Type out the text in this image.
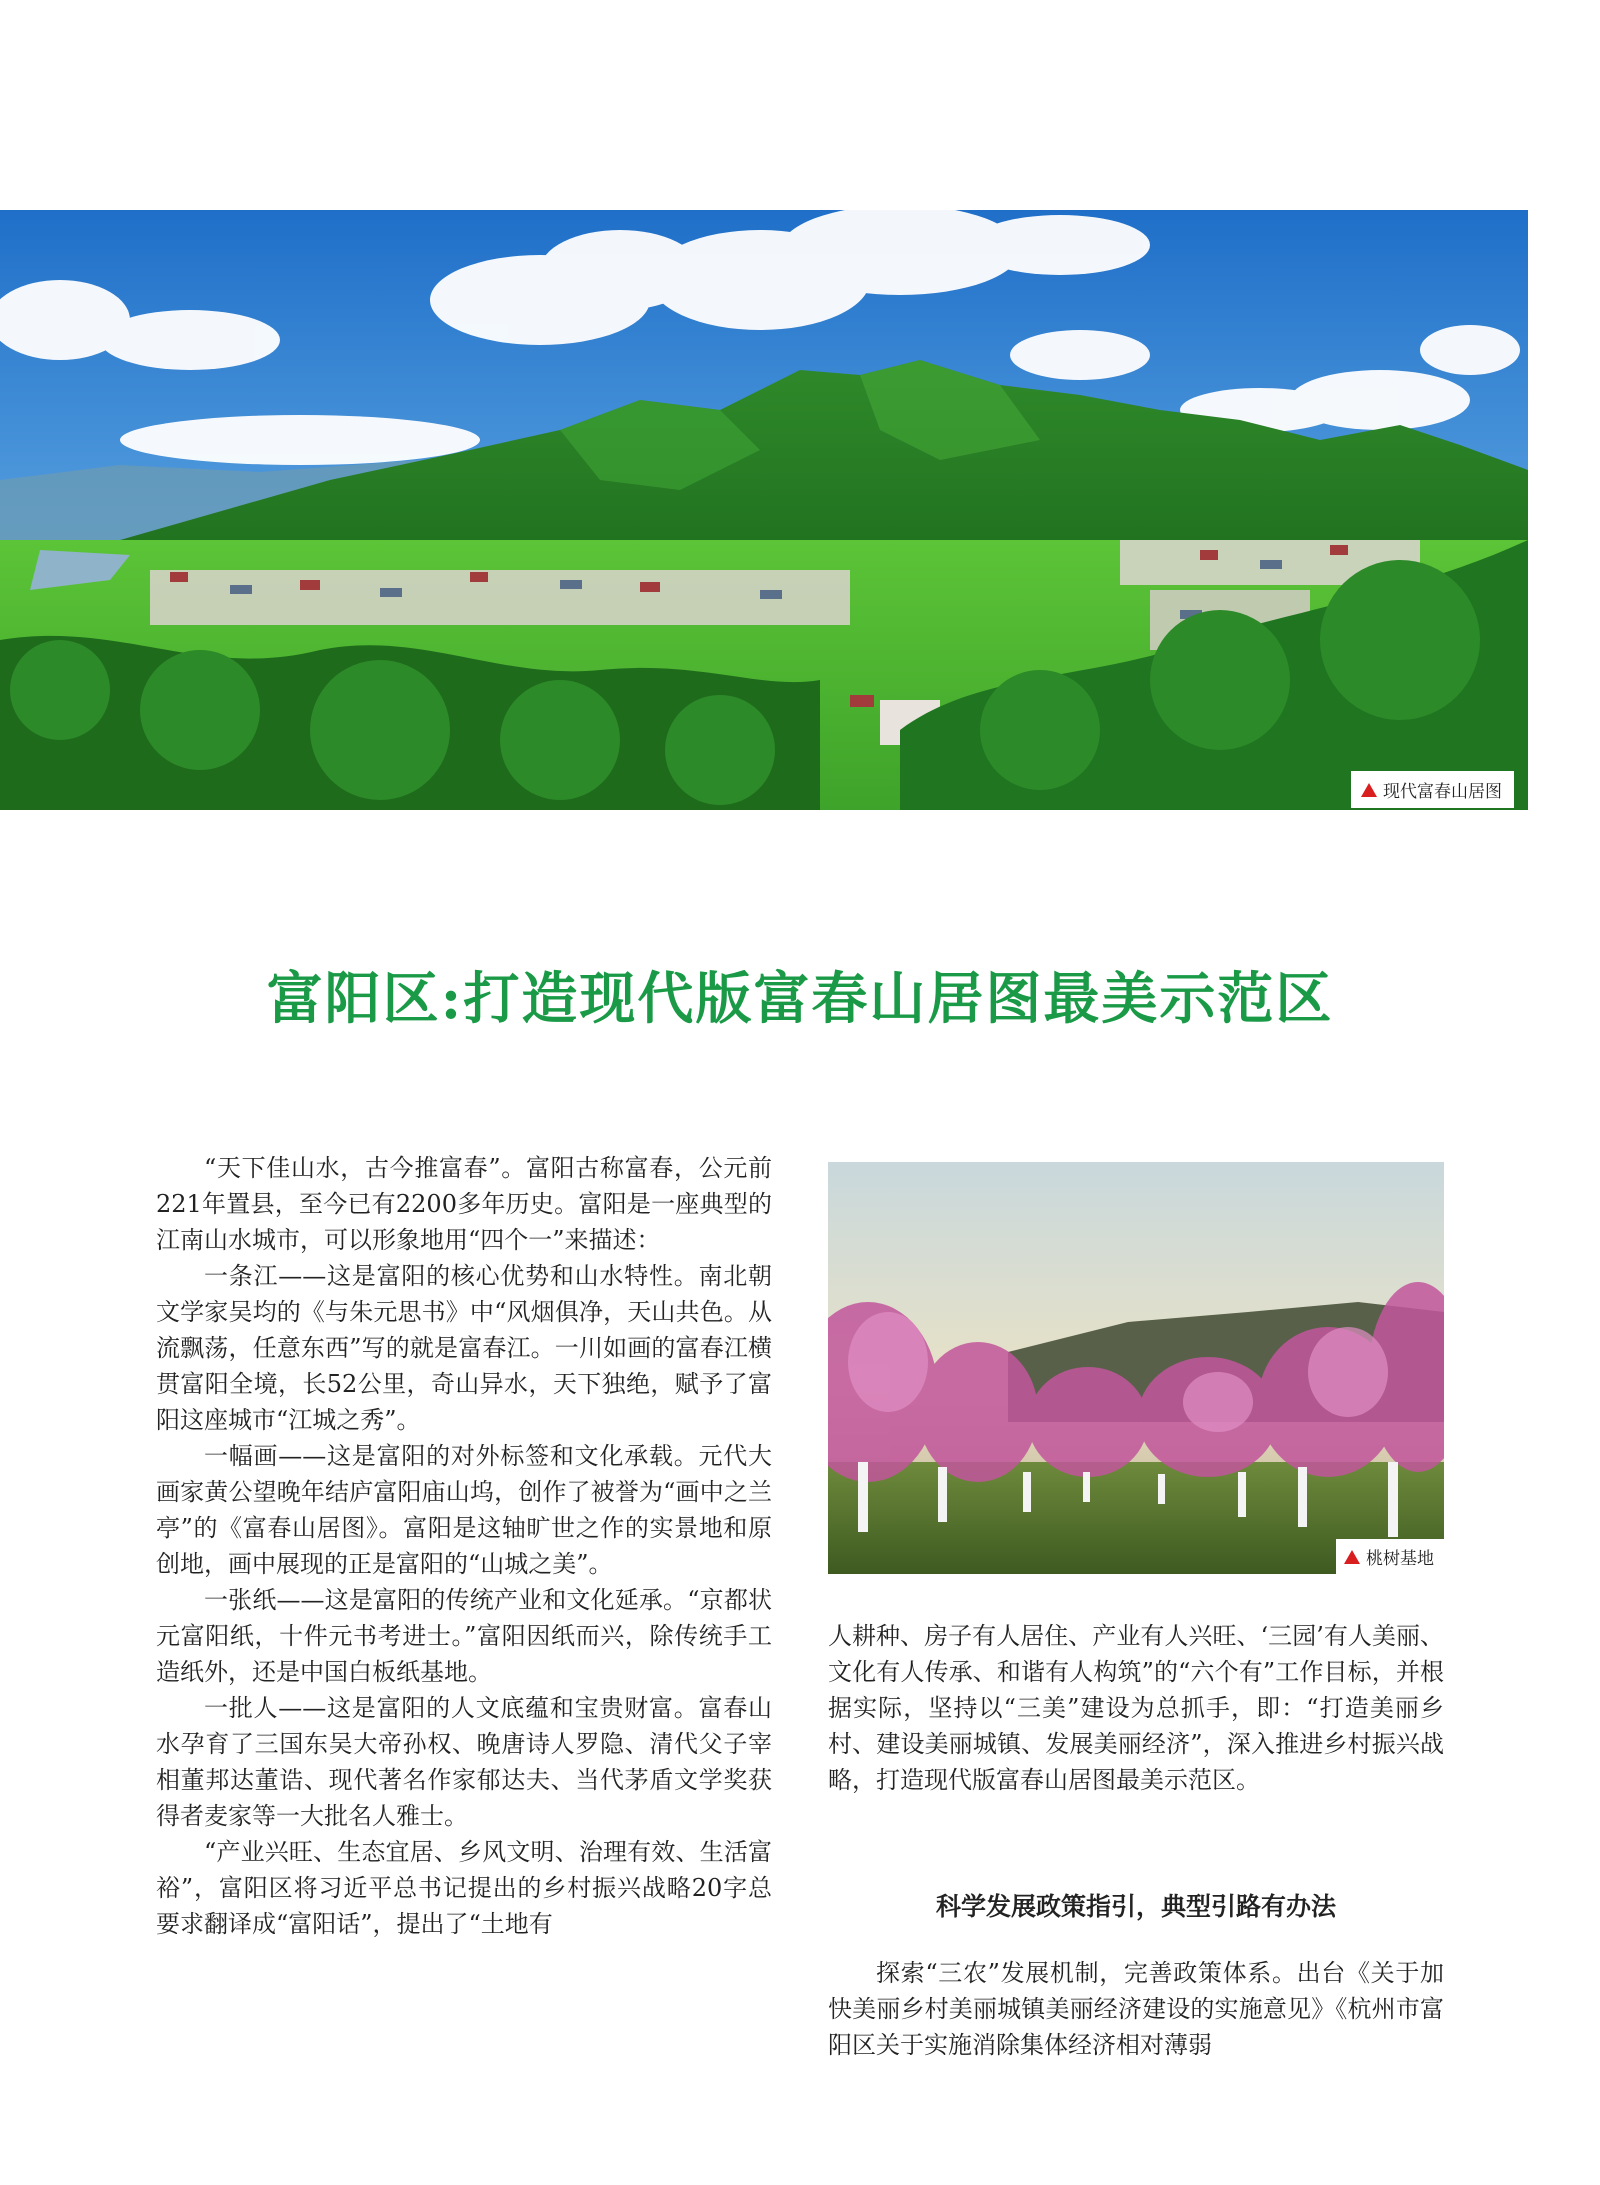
现代富春山居图
富阳区:打造现代版富春山居图最美示范区

“天下佳山水，古今推富春”。富阳古称富春，公元前221年置县，至今已有2200多年历史。富阳是一座典型的江南山水城市，可以形象地用“四个一”来描述：

一条江——这是富阳的核心优势和山水特性。南北朝文学家吴均的《与朱元思书》中“风烟俱净，天山共色。从流飘荡，任意东西”写的就是富春江。一川如画的富春江横贯富阳全境，长52公里，奇山异水，天下独绝，赋予了富阳这座城市“江城之秀”。

一幅画——这是富阳的对外标签和文化承载。元代大画家黄公望晚年结庐富阳庙山坞，创作了被誉为“画中之兰亭”的《富春山居图》。富阳是这轴旷世之作的实景地和原创地，画中展现的正是富阳的“山城之美”。

一张纸——这是富阳的传统产业和文化延承。“京都状元富阳纸，十件元书考进士。”富阳因纸而兴，除传统手工造纸外，还是中国白板纸基地。

一批人——这是富阳的人文底蕴和宝贵财富。富春山水孕育了三国东吴大帝孙权、晚唐诗人罗隐、清代父子宰相董邦达董诰、现代著名作家郁达夫、当代茅盾文学奖获得者麦家等一大批名人雅士。

“产业兴旺、生态宜居、乡风文明、治理有效、生活富裕”，富阳区将习近平总书记提出的乡村振兴战略20字总要求翻译成“富阳话”，提出了“土地有

桃树基地

人耕种、房子有人居住、产业有人兴旺、‘三园’有人美丽、文化有人传承、和谐有人构筑”的“六个有”工作目标，并根据实际，坚持以“三美”建设为总抓手，即：“打造美丽乡村、建设美丽城镇、发展美丽经济”，深入推进乡村振兴战略，打造现代版富春山居图最美示范区。

科学发展政策指引，典型引路有办法

探索“三农”发展机制，完善政策体系。出台《关于加快美丽乡村美丽城镇美丽经济建设的实施意见》《杭州市富阳区关于实施消除集体经济相对薄弱
